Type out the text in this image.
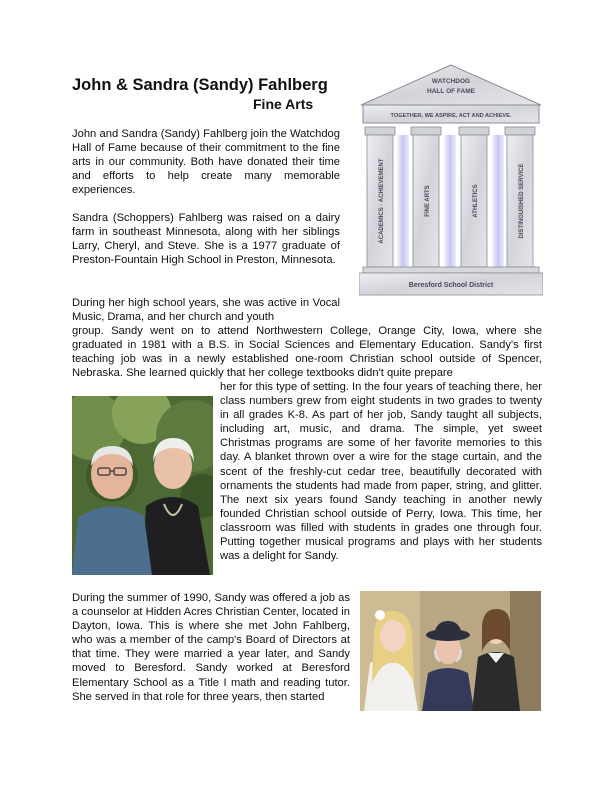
John & Sandra (Sandy) Fahlberg
Fine Arts
WATCHDOG
HALL OF FAME
TOGETHER, WE ASPIRE, ACT AND ACHIEVE.
ACADEMICS · ACHIEVEMENT	FINE ARTS	ATHLETICS	DISTINGUISHED SERVICE
Beresford School District

John and Sandra (Sandy) Fahlberg join the Watchdog Hall of Fame because of their commitment to the fine arts in our community. Both have donated their time and efforts to help create many memorable experiences.

Sandra (Schoppers) Fahlberg was raised on a dairy farm in southeast Minnesota, along with her siblings Larry, Cheryl, and Steve. She is a 1977 graduate of Preston-Fountain High School in Preston, Minnesota.

During her high school years, she was active in Vocal Music, Drama, and her church and youth

group. Sandy went on to attend Northwestern College, Orange City, Iowa, where she graduated in 1981 with a B.S. in Social Sciences and Elementary Education. Sandy's first teaching job was in a newly established one-room Christian school outside of Spencer, Nebraska. She learned quickly that her college textbooks didn't quite prepare

her for this type of setting. In the four years of teaching there, her class numbers grew from eight students in two grades to twenty in all grades K-8. As part of her job, Sandy taught all subjects, including art, music, and drama. The simple, yet sweet Christmas programs are some of her favorite memories to this day. A blanket thrown over a wire for the stage curtain, and the scent of the freshly-cut cedar tree, beautifully decorated with ornaments the students had made from paper, string, and glitter. The next six years found Sandy teaching in another newly founded Christian school outside of Perry, Iowa. This time, her classroom was filled with students in grades one through four. Putting together musical programs and plays with her students was a delight for Sandy.

During the summer of 1990, Sandy was offered a job as a counselor at Hidden Acres Christian Center, located in Dayton, Iowa. This is where she met John Fahlberg, who was a member of the camp's Board of Directors at that time. They were married a year later, and Sandy moved to Beresford. Sandy worked at Beresford Elementary School as a Title I math and reading tutor. She served in that role for three years, then started
